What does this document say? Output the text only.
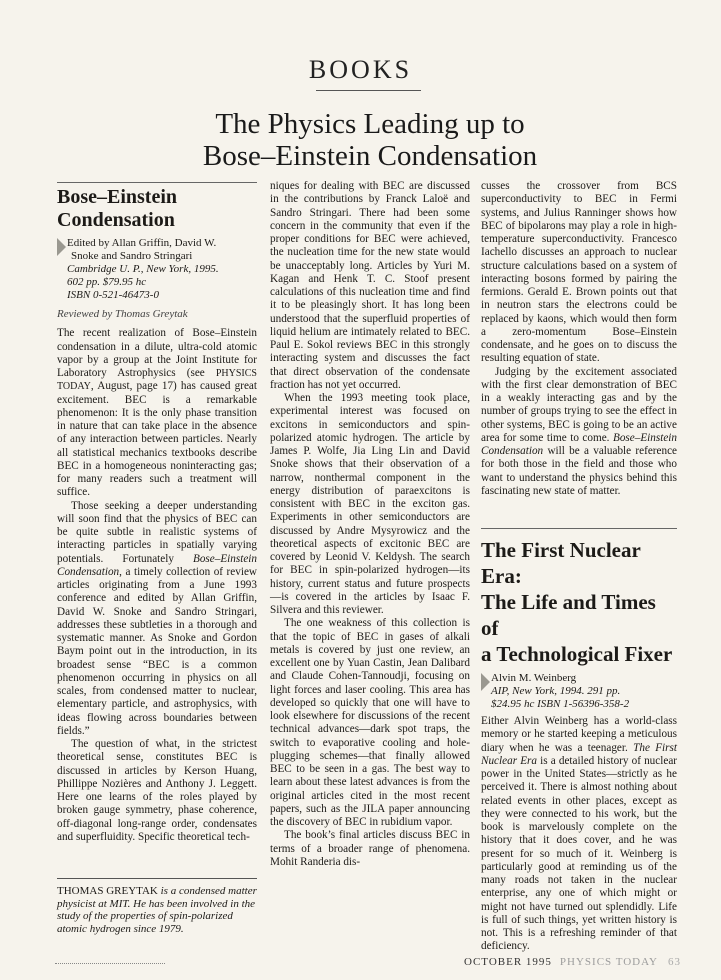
BOOKS
The Physics Leading up to
Bose–Einstein Condensation
Bose–Einstein
Condensation
Edited by Allan Griffin, David W.
Snoke and Sandro Stringari
Cambridge U. P., New York, 1995.
602 pp. $79.95 hc
ISBN 0-521-46473-0
Reviewed by Thomas Greytak

The recent realization of Bose–Einstein condensation in a dilute, ultra-cold atomic vapor by a group at the Joint Institute for Laboratory Astrophysics (see PHYSICS TODAY, August, page 17) has caused great excitement. BEC is a remarkable phenomenon: It is the only phase transition in nature that can take place in the absence of any interaction between particles. Nearly all statistical mechanics textbooks describe BEC in a homogeneous noninteracting gas; for many readers such a treatment will suffice.

Those seeking a deeper understanding will soon find that the physics of BEC can be quite subtle in realistic systems of interacting particles in spatially varying potentials. Fortunately Bose–Einstein Condensation, a timely collection of review articles originating from a June 1993 conference and edited by Allan Griffin, David W. Snoke and Sandro Stringari, addresses these subtleties in a thorough and systematic manner. As Snoke and Gordon Baym point out in the introduction, in its broadest sense “BEC is a common phenomenon occurring in physics on all scales, from condensed matter to nuclear, elementary particle, and astrophysics, with ideas flowing across boundaries between fields.”

The question of what, in the strictest theoretical sense, constitutes BEC is discussed in articles by Kerson Huang, Phillippe Nozières and Anthony J. Leggett. Here one learns of the roles played by broken gauge symmetry, phase coherence, off-diagonal long-range order, condensates and superfluidity. Specific theoretical tech-

THOMAS GREYTAK is a condensed matter physicist at MIT. He has been involved in the study of the properties of spin-polarized atomic hydrogen since 1979.

niques for dealing with BEC are discussed in the contributions by Franck Laloë and Sandro Stringari. There had been some concern in the community that even if the proper conditions for BEC were achieved, the nucleation time for the new state would be unacceptably long. Articles by Yuri M. Kagan and Henk T. C. Stoof present calculations of this nucleation time and find it to be pleasingly short. It has long been understood that the superfluid properties of liquid helium are intimately related to BEC. Paul E. Sokol reviews BEC in this strongly interacting system and discusses the fact that direct observation of the condensate fraction has not yet occurred.

When the 1993 meeting took place, experimental interest was focused on excitons in semiconductors and spin-polarized atomic hydrogen. The article by James P. Wolfe, Jia Ling Lin and David Snoke shows that their observation of a narrow, nonthermal component in the energy distribution of paraexcitons is consistent with BEC in the exciton gas. Experiments in other semiconductors are discussed by Andre Mysyrowicz and the theoretical aspects of excitonic BEC are covered by Leonid V. Keldysh. The search for BEC in spin-polarized hydrogen—its history, current status and future prospects—is covered in the articles by Isaac F. Silvera and this reviewer.

The one weakness of this collection is that the topic of BEC in gases of alkali metals is covered by just one review, an excellent one by Yuan Castin, Jean Dalibard and Claude Cohen-Tannoudji, focusing on light forces and laser cooling. This area has developed so quickly that one will have to look elsewhere for discussions of the recent technical advances—dark spot traps, the switch to evaporative cooling and hole-plugging schemes—that finally allowed BEC to be seen in a gas. The best way to learn about these latest advances is from the original articles cited in the most recent papers, such as the JILA paper announcing the discovery of BEC in rubidium vapor.

The book’s final articles discuss BEC in terms of a broader range of phenomena. Mohit Randeria dis-

cusses the crossover from BCS superconductivity to BEC in Fermi systems, and Julius Ranninger shows how BEC of bipolarons may play a role in high-temperature superconductivity. Francesco Iachello discusses an approach to nuclear structure calculations based on a system of interacting bosons formed by pairing the fermions. Gerald E. Brown points out that in neutron stars the electrons could be replaced by kaons, which would then form a zero-momentum Bose–Einstein condensate, and he goes on to discuss the resulting equation of state.

Judging by the excitement associated with the first clear demonstration of BEC in a weakly interacting gas and by the number of groups trying to see the effect in other systems, BEC is going to be an active area for some time to come. Bose–Einstein Condensation will be a valuable reference for both those in the field and those who want to understand the physics behind this fascinating new state of matter.

The First Nuclear Era:
The Life and Times of
a Technological Fixer
Alvin M. Weinberg
AIP, New York, 1994. 291 pp.
$24.95 hc ISBN 1-56396-358-2

Either Alvin Weinberg has a world-class memory or he started keeping a meticulous diary when he was a teenager. The First Nuclear Era is a detailed history of nuclear power in the United States—strictly as he perceived it. There is almost nothing about related events in other places, except as they were connected to his work, but the book is marvelously complete on the history that it does cover, and he was present for so much of it. Weinberg is particularly good at reminding us of the many roads not taken in the nuclear enterprise, any one of which might or might not have turned out splendidly. Life is full of such things, yet written history is not. This is a refreshing reminder of that deficiency.

OCTOBER 1995 PHYSICS TODAY 63
